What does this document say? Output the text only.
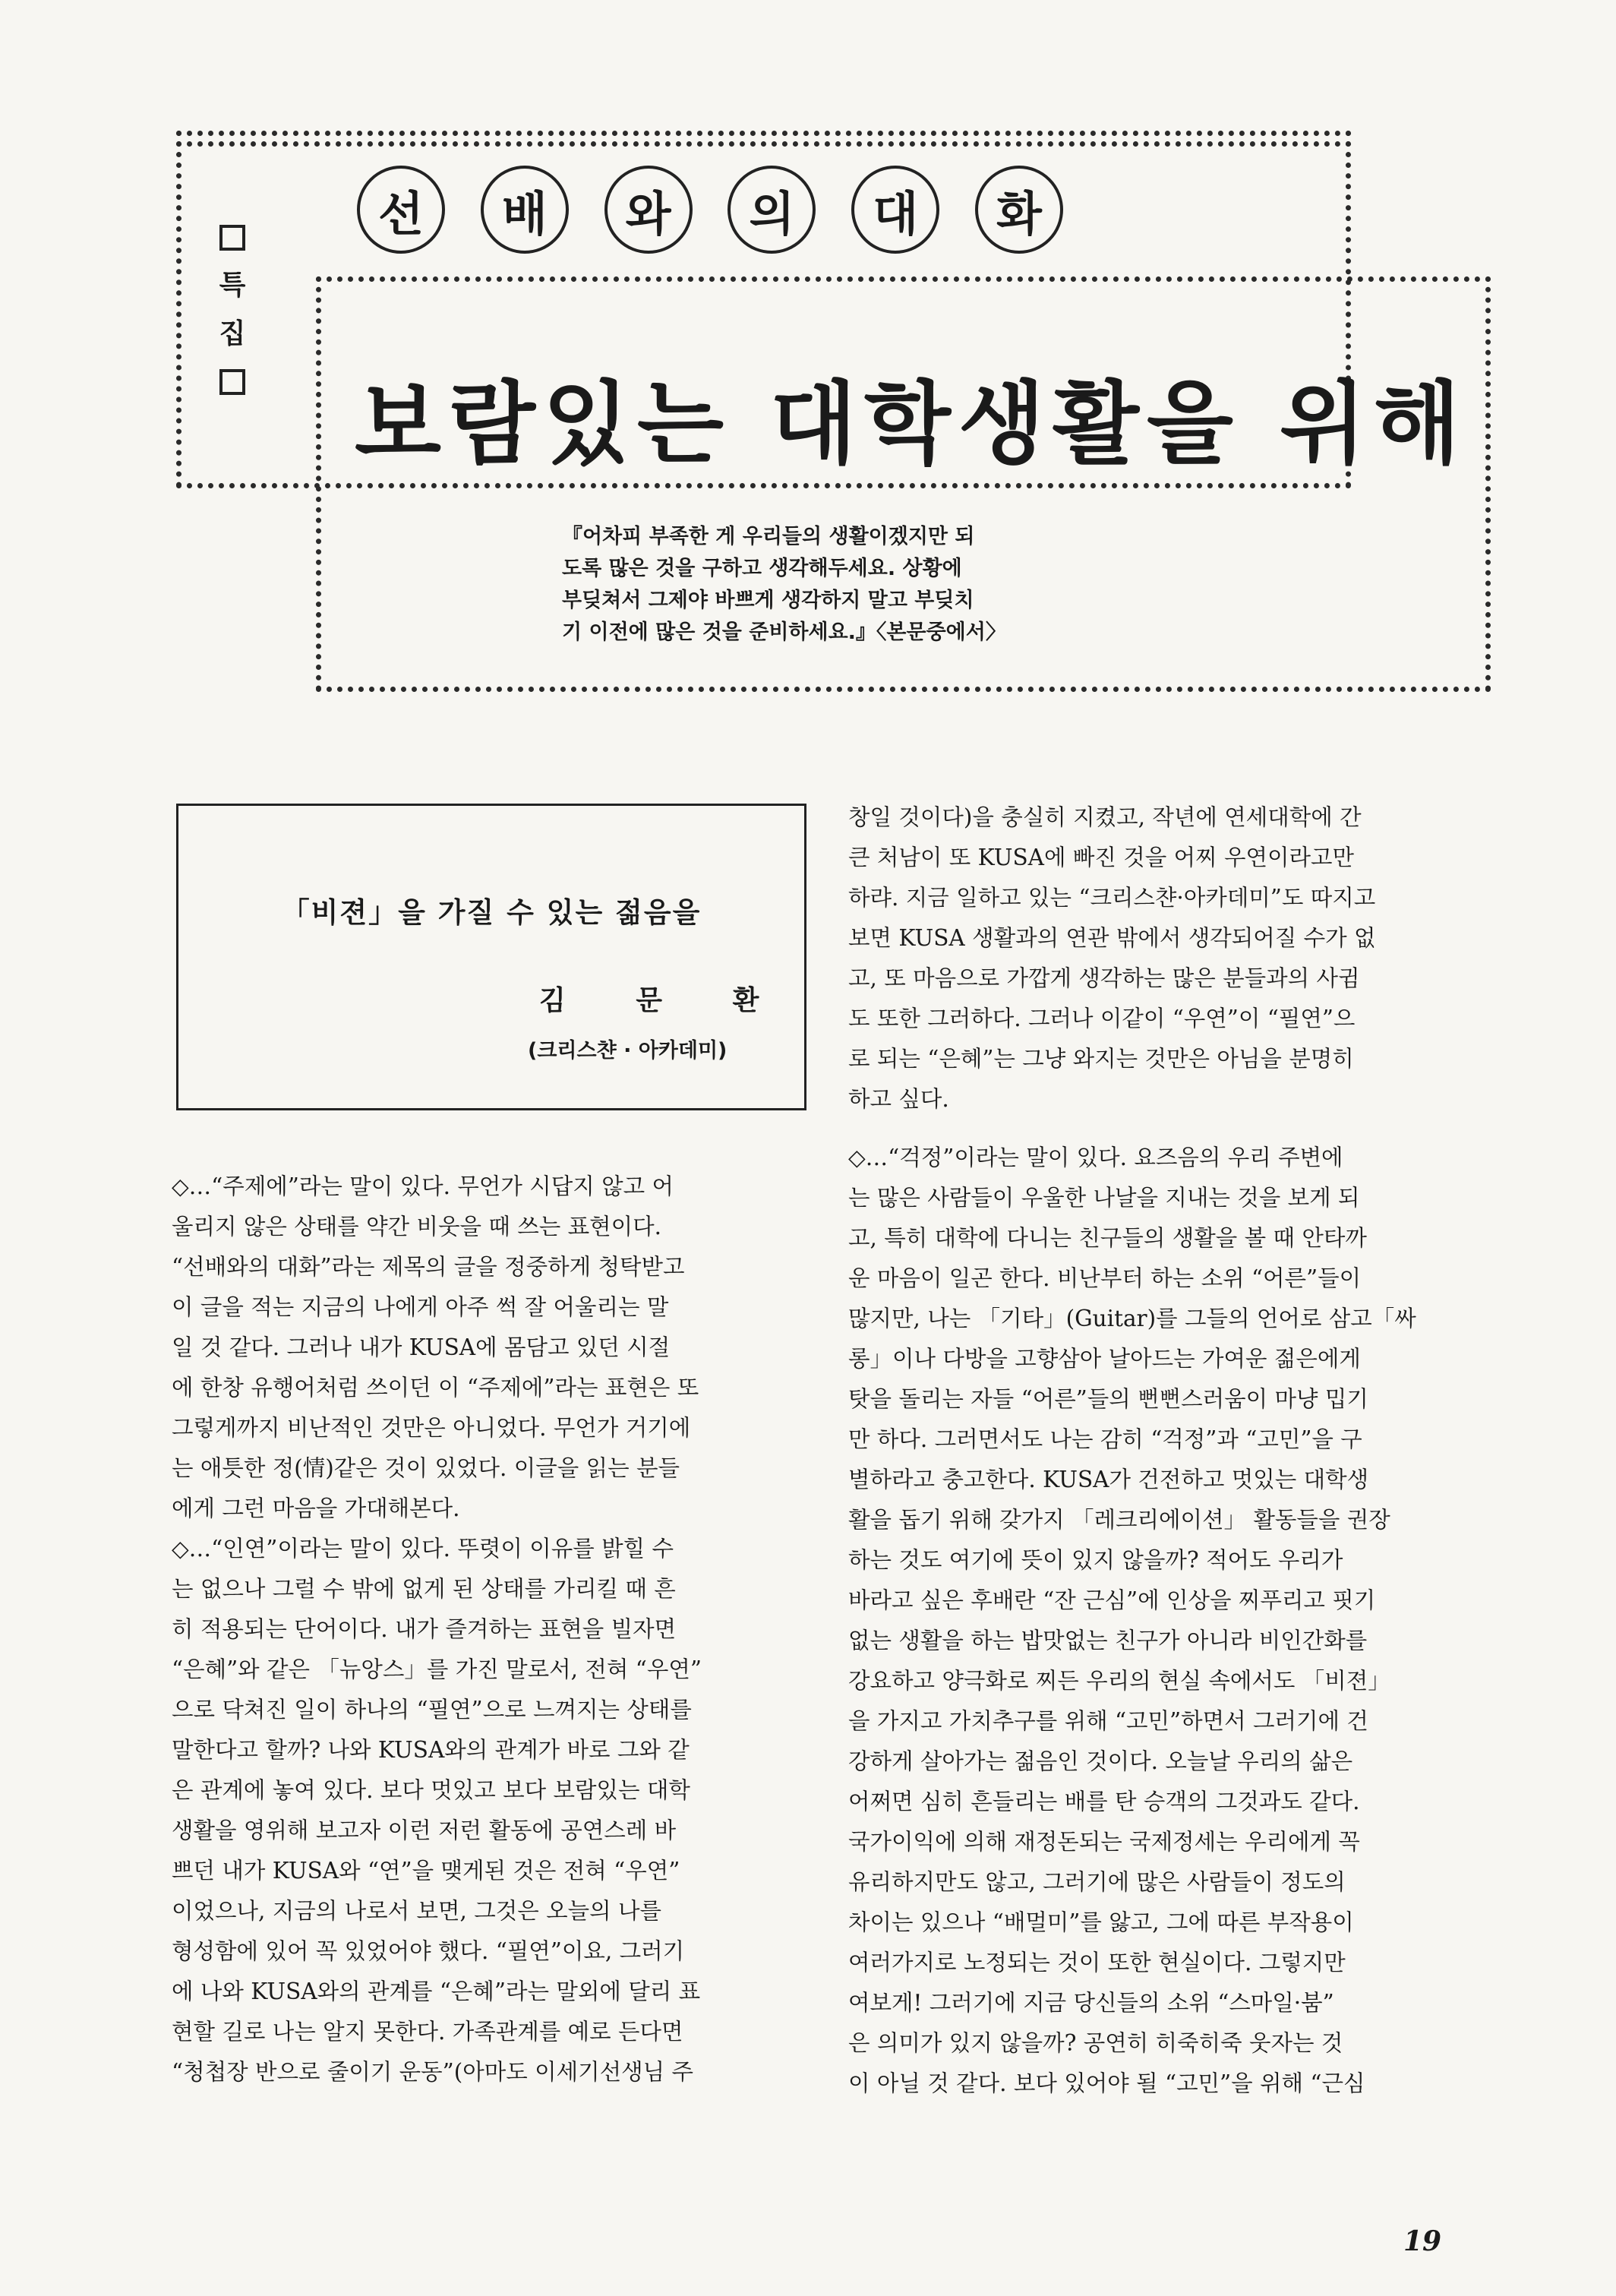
선	배	와	의	대	화
특
집
보람있는 대학생활을 위해
『어차피 부족한 게 우리들의 생활이겠지만 되
도록 많은 것을 구하고 생각해두세요. 상황에
부딪쳐서 그제야 바쁘게 생각하지 말고 부딪치
기 이전에 많은 것을 준비하세요.』〈본문중에서〉
「비젼」을 가질 수 있는 젊음을
김 문 환
(크리스챤 · 아카데미)
◇…“주제에”라는 말이 있다. 무언가 시답지 않고 어
울리지 않은 상태를 약간 비웃을 때 쓰는 표현이다.
“선배와의 대화”라는 제목의 글을 정중하게 청탁받고
이 글을 적는 지금의 나에게 아주 썩 잘 어울리는 말
일 것 같다. 그러나 내가 KUSA에 몸담고 있던 시절
에 한창 유행어처럼 쓰이던 이 “주제에”라는 표현은 또
그렇게까지 비난적인 것만은 아니었다. 무언가 거기에
는 애틋한 정(情)같은 것이 있었다. 이글을 읽는 분들
에게 그런 마음을 가대해본다.
◇…“인연”이라는 말이 있다. 뚜렷이 이유를 밝힐 수
는 없으나 그럴 수 밖에 없게 된 상태를 가리킬 때 흔
히 적용되는 단어이다. 내가 즐겨하는 표현을 빌자면
“은혜”와 같은 「뉴앙스」를 가진 말로서, 전혀 “우연”
으로 닥쳐진 일이 하나의 “필연”으로 느껴지는 상태를
말한다고 할까? 나와 KUSA와의 관계가 바로 그와 같
은 관계에 놓여 있다. 보다 멋있고 보다 보람있는 대학
생활을 영위해 보고자 이런 저런 활동에 공연스레 바
쁘던 내가 KUSA와 “연”을 맺게된 것은 전혀 “우연”
이었으나, 지금의 나로서 보면, 그것은 오늘의 나를
형성함에 있어 꼭 있었어야 했다. “필연”이요, 그러기
에 나와 KUSA와의 관계를 “은혜”라는 말외에 달리 표
현할 길로 나는 알지 못한다. 가족관계를 예로 든다면
“청첩장 반으로 줄이기 운동”(아마도 이세기선생님 주
창일 것이다)을 충실히 지켰고, 작년에 연세대학에 간
큰 처남이 또 KUSA에 빠진 것을 어찌 우연이라고만
하랴. 지금 일하고 있는 “크리스챤·아카데미”도 따지고
보면 KUSA 생활과의 연관 밖에서 생각되어질 수가 없
고, 또 마음으로 가깝게 생각하는 많은 분들과의 사귐
도 또한 그러하다. 그러나 이같이 “우연”이 “필연”으
로 되는 “은혜”는 그냥 와지는 것만은 아님을 분명히
하고 싶다.
◇…“걱정”이라는 말이 있다. 요즈음의 우리 주변에
는 많은 사람들이 우울한 나날을 지내는 것을 보게 되
고, 특히 대학에 다니는 친구들의 생활을 볼 때 안타까
운 마음이 일곤 한다. 비난부터 하는 소위 “어른”들이
많지만, 나는 「기타」(Guitar)를 그들의 언어로 삼고「싸
롱」이나 다방을 고향삼아 날아드는 가여운 젊은에게
탓을 돌리는 자들 “어른”들의 뻔뻔스러움이 마냥 밉기
만 하다. 그러면서도 나는 감히 “걱정”과 “고민”을 구
별하라고 충고한다. KUSA가 건전하고 멋있는 대학생
활을 돕기 위해 갖가지 「레크리에이션」 활동들을 권장
하는 것도 여기에 뜻이 있지 않을까? 적어도 우리가
바라고 싶은 후배란 “잔 근심”에 인상을 찌푸리고 핏기
없는 생활을 하는 밥맛없는 친구가 아니라 비인간화를
강요하고 양극화로 찌든 우리의 현실 속에서도 「비젼」
을 가지고 가치추구를 위해 “고민”하면서 그러기에 건
강하게 살아가는 젊음인 것이다. 오늘날 우리의 삶은
어쩌면 심히 흔들리는 배를 탄 승객의 그것과도 같다.
국가이익에 의해 재정돈되는 국제정세는 우리에게 꼭
유리하지만도 않고, 그러기에 많은 사람들이 정도의
차이는 있으나 “배멀미”를 앓고, 그에 따른 부작용이
여러가지로 노정되는 것이 또한 현실이다. 그렇지만
여보게! 그러기에 지금 당신들의 소위 “스마일·붐”
은 의미가 있지 않을까? 공연히 히죽히죽 웃자는 것
이 아닐 것 같다. 보다 있어야 될 “고민”을 위해 “근심
19
